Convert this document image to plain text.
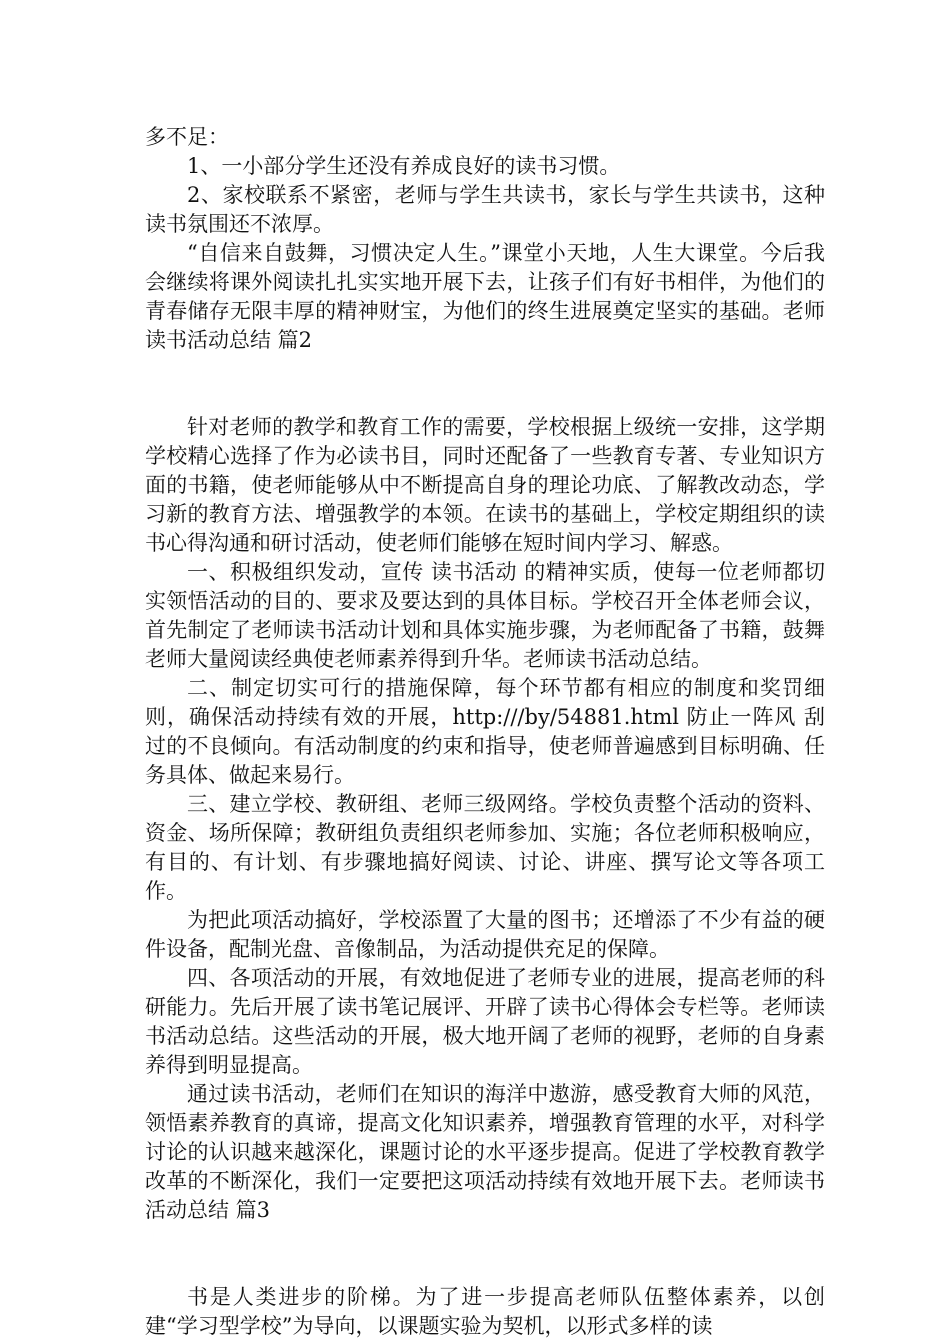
多不足：

1、一小部分学生还没有养成良好的读书习惯。

2、家校联系不紧密，老师与学生共读书，家长与学生共读书，这种读书氛围还不浓厚。

“自信来自鼓舞，习惯决定人生。”课堂小天地，人生大课堂。今后我会继续将课外阅读扎扎实实地开展下去，让孩子们有好书相伴，为他们的青春储存无限丰厚的精神财宝，为他们的终生进展奠定坚实的基础。老师读书活动总结 篇2

针对老师的教学和教育工作的需要，学校根据上级统一安排，这学期学校精心选择了作为必读书目，同时还配备了一些教育专著、专业知识方面的书籍，使老师能够从中不断提高自身的理论功底、了解教改动态，学习新的教育方法、增强教学的本领。在读书的基础上，学校定期组织的读书心得沟通和研讨活动，使老师们能够在短时间内学习、解惑。

一、积极组织发动，宣传 读书活动 的精神实质，使每一位老师都切实领悟活动的目的、要求及要达到的具体目标。学校召开全体老师会议，首先制定了老师读书活动计划和具体实施步骤，为老师配备了书籍，鼓舞老师大量阅读经典使老师素养得到升华。老师读书活动总结。

二、制定切实可行的措施保障，每个环节都有相应的制度和奖罚细则，确保活动持续有效的开展，http:///by/54881.html 防止一阵风 刮过的不良倾向。有活动制度的约束和指导，使老师普遍感到目标明确、任务具体、做起来易行。

三、建立学校、教研组、老师三级网络。学校负责整个活动的资料、资金、场所保障；教研组负责组织老师参加、实施；各位老师积极响应，有目的、有计划、有步骤地搞好阅读、讨论、讲座、撰写论文等各项工作。

为把此项活动搞好，学校添置了大量的图书；还增添了不少有益的硬件设备，配制光盘、音像制品，为活动提供充足的保障。

四、各项活动的开展，有效地促进了老师专业的进展，提高老师的科研能力。先后开展了读书笔记展评、开辟了读书心得体会专栏等。老师读书活动总结。这些活动的开展，极大地开阔了老师的视野，老师的自身素养得到明显提高。

通过读书活动，老师们在知识的海洋中遨游，感受教育大师的风范，领悟素养教育的真谛，提高文化知识素养，增强教育管理的水平，对科学讨论的认识越来越深化，课题讨论的水平逐步提高。促进了学校教育教学改革的不断深化，我们一定要把这项活动持续有效地开展下去。老师读书活动总结 篇3

书是人类进步的阶梯。为了进一步提高老师队伍整体素养，以创建“学习型学校”为导向，以课题实验为契机，以形式多样的读
